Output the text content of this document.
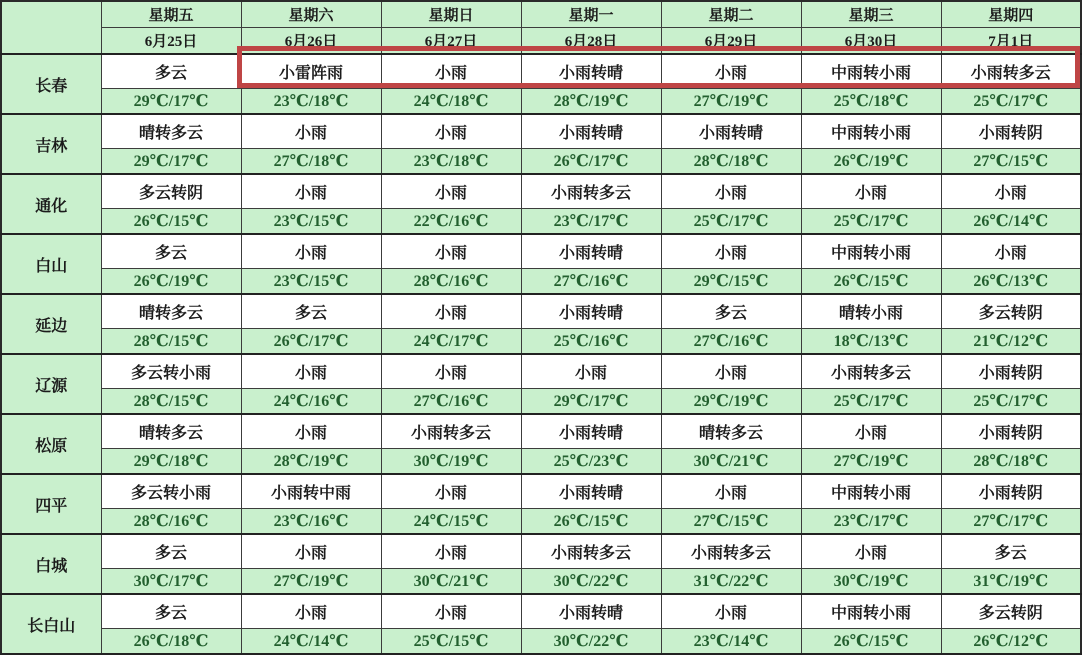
	星期五	星期六	星期日	星期一	星期二	星期三	星期四
	6月25日	6月26日	6月27日	6月28日	6月29日	6月30日	7月1日
长春	多云	小雷阵雨	小雨	小雨转晴	小雨	中雨转小雨	小雨转多云
	29℃/17℃	23℃/18℃	24℃/18℃	28℃/19℃	27℃/19℃	25℃/18℃	25℃/17℃
吉林	晴转多云	小雨	小雨	小雨转晴	小雨转晴	中雨转小雨	小雨转阴
	29℃/17℃	27℃/18℃	23℃/18℃	26℃/17℃	28℃/18℃	26℃/19℃	27℃/15℃
通化	多云转阴	小雨	小雨	小雨转多云	小雨	小雨	小雨
	26℃/15℃	23℃/15℃	22℃/16℃	23℃/17℃	25℃/17℃	25℃/17℃	26℃/14℃
白山	多云	小雨	小雨	小雨转晴	小雨	中雨转小雨	小雨
	26℃/19℃	23℃/15℃	28℃/16℃	27℃/16℃	29℃/15℃	26℃/15℃	26℃/13℃
延边	晴转多云	多云	小雨	小雨转晴	多云	晴转小雨	多云转阴
	28℃/15℃	26℃/17℃	24℃/17℃	25℃/16℃	27℃/16℃	18℃/13℃	21℃/12℃
辽源	多云转小雨	小雨	小雨	小雨	小雨	小雨转多云	小雨转阴
	28℃/15℃	24℃/16℃	27℃/16℃	29℃/17℃	29℃/19℃	25℃/17℃	25℃/17℃
松原	晴转多云	小雨	小雨转多云	小雨转晴	晴转多云	小雨	小雨转阴
	29℃/18℃	28℃/19℃	30℃/19℃	25℃/23℃	30℃/21℃	27℃/19℃	28℃/18℃
四平	多云转小雨	小雨转中雨	小雨	小雨转晴	小雨	中雨转小雨	小雨转阴
	28℃/16℃	23℃/16℃	24℃/15℃	26℃/15℃	27℃/15℃	23℃/17℃	27℃/17℃
白城	多云	小雨	小雨	小雨转多云	小雨转多云	小雨	多云
	30℃/17℃	27℃/19℃	30℃/21℃	30℃/22℃	31℃/22℃	30℃/19℃	31℃/19℃
长白山	多云	小雨	小雨	小雨转晴	小雨	中雨转小雨	多云转阴
	26℃/18℃	24℃/14℃	25℃/15℃	30℃/22℃	23℃/14℃	26℃/15℃	26℃/12℃
